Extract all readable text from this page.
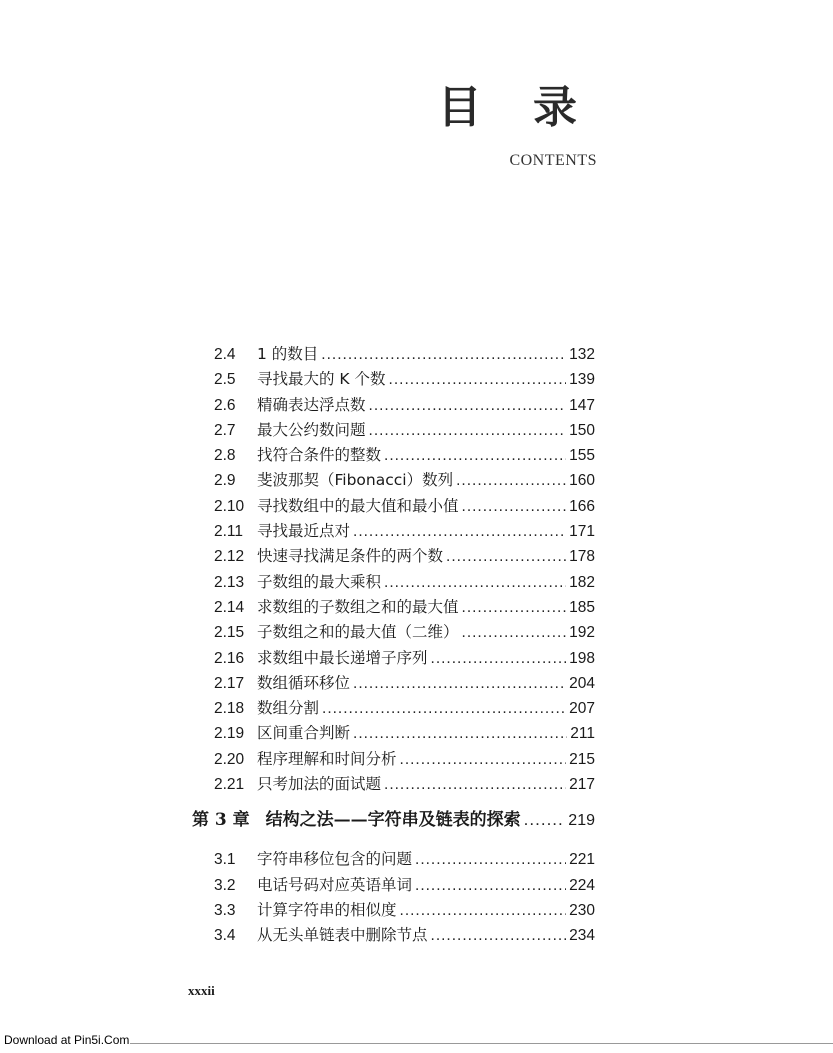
目 录
CONTENTS
2.4	1 的数目 .....	132
2.5	寻找最大的 K 个数 .....	139
2.6	精确表达浮点数 .....	147
2.7	最大公约数问题 .....	150
2.8	找符合条件的整数 .....	155
2.9	斐波那契（Fibonacci）数列 .....	160
2.10 寻找数组中的最大值和最小值 .....	166
2.11 寻找最近点对 .....	171
2.12 快速寻找满足条件的两个数 .....	178
2.13 子数组的最大乘积 .....	182
2.14 求数组的子数组之和的最大值 .....	185
2.15 子数组之和的最大值（二维） .....	192
2.16 求数组中最长递增子序列 .....	198
2.17 数组循环移位 .....	204
2.18 数组分割 .....	207
2.19 区间重合判断 .....	211
2.20 程序理解和时间分析 .....	215
2.21 只考加法的面试题 .....	217
第 3 章 结构之法——字符串及链表的探索 .....	219
3.1	字符串移位包含的问题 .....	221
3.2	电话号码对应英语单词 .....	224
3.3	计算字符串的相似度 .....	230
3.4	从无头单链表中删除节点 .....	234
xxxii
Download at Pin5i.Com
